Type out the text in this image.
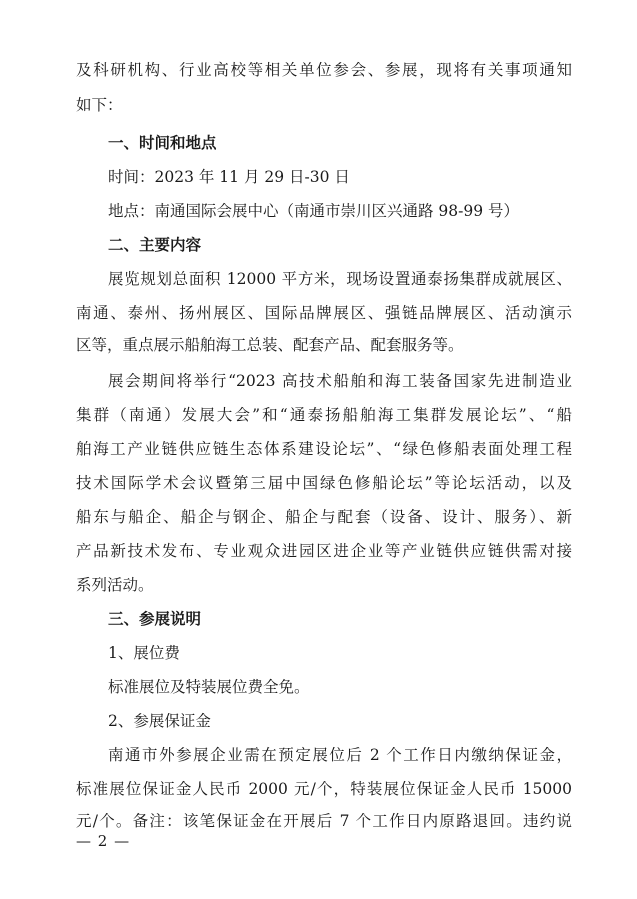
及科研机构、行业高校等相关单位参会、参展，现将有关事项通知
如下：
一、时间和地点
时间：2023 年 11 月 29 日-30 日
地点：南通国际会展中心（南通市崇川区兴通路 98-99 号）
二、主要内容
展览规划总面积 12000 平方米，现场设置通泰扬集群成就展区、
南通、泰州、扬州展区、国际品牌展区、强链品牌展区、活动演示
区等，重点展示船舶海工总装、配套产品、配套服务等。
展会期间将举行“2023 高技术船舶和海工装备国家先进制造业
集群（南通）发展大会”和“通泰扬船舶海工集群发展论坛”、“船
舶海工产业链供应链生态体系建设论坛”、“绿色修船表面处理工程
技术国际学术会议暨第三届中国绿色修船论坛”等论坛活动，以及
船东与船企、船企与钢企、船企与配套（设备、设计、服务）、新
产品新技术发布、专业观众进园区进企业等产业链供应链供需对接
系列活动。
三、参展说明
1、展位费
标准展位及特装展位费全免。
2、参展保证金
南通市外参展企业需在预定展位后 2 个工作日内缴纳保证金，
标准展位保证金人民币 2000 元/个，特装展位保证金人民币 15000
元/个。备注：该笔保证金在开展后 7 个工作日内原路退回。违约说
— 2 —
